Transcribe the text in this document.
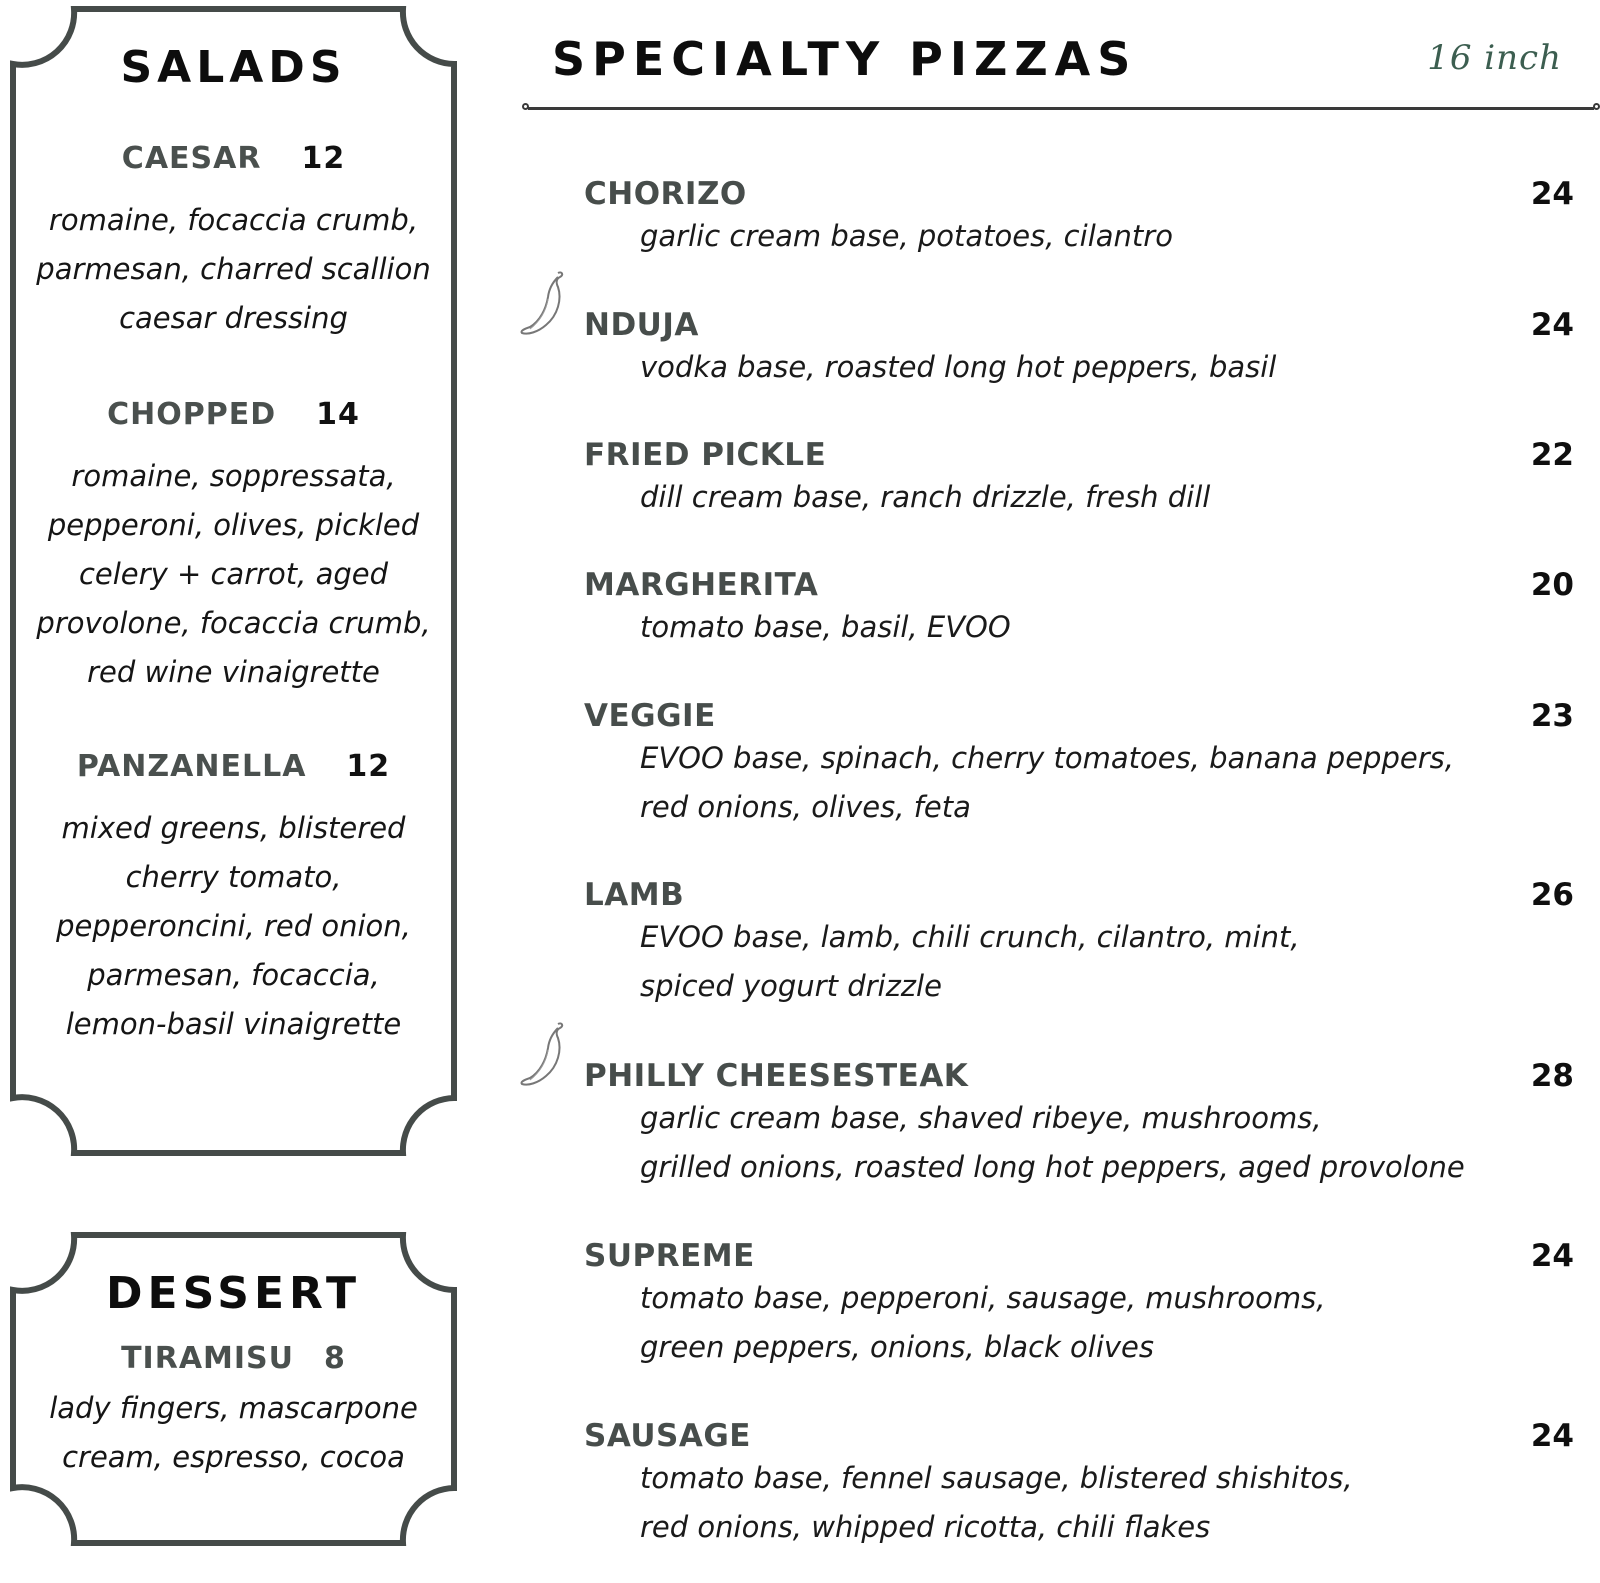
SALADS
CAESAR 12
romaine, focaccia crumb,
parmesan, charred scallion
caesar dressing
CHOPPED 14
romaine, soppressata,
pepperoni, olives, pickled
celery + carrot, aged
provolone, focaccia crumb,
red wine vinaigrette
PANZANELLA 12
mixed greens, blistered
cherry tomato,
pepperoncini, red onion,
parmesan, focaccia,
lemon-basil vinaigrette
DESSERT
TIRAMISU 8
lady fingers, mascarpone
cream, espresso, cocoa
SPECIALTY PIZZAS	16 inch
CHORIZO	24
garlic cream base, potatoes, cilantro
NDUJA	24
vodka base, roasted long hot peppers, basil
FRIED PICKLE	22
dill cream base, ranch drizzle, fresh dill
MARGHERITA	20
tomato base, basil, EVOO
VEGGIE	23
EVOO base, spinach, cherry tomatoes, banana peppers,
red onions, olives, feta
LAMB	26
EVOO base, lamb, chili crunch, cilantro, mint,
spiced yogurt drizzle
PHILLY CHEESESTEAK	28
garlic cream base, shaved ribeye, mushrooms,
grilled onions, roasted long hot peppers, aged provolone
SUPREME	24
tomato base, pepperoni, sausage, mushrooms,
green peppers, onions, black olives
SAUSAGE	24
tomato base, fennel sausage, blistered shishitos,
red onions, whipped ricotta, chili flakes
